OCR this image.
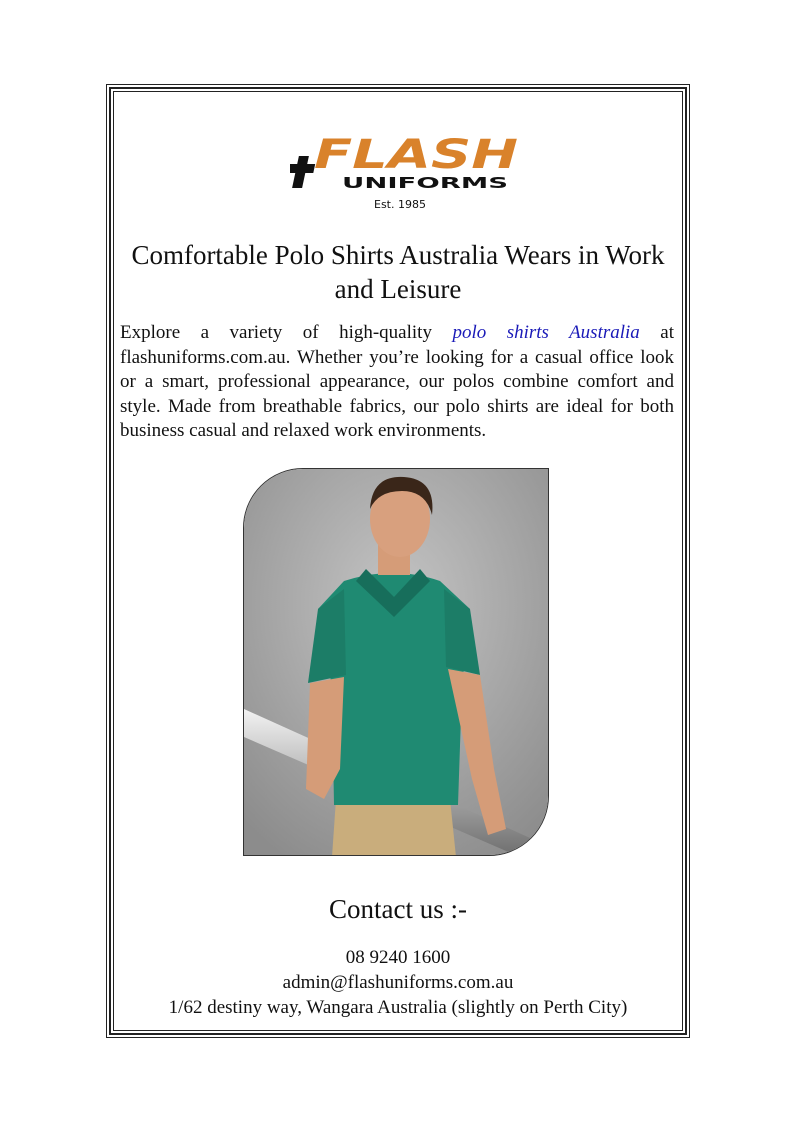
FLASH
UNIFORMS
Est. 1985
Comfortable Polo Shirts Australia Wears in Work and Leisure

Explore a variety of high-quality polo shirts Australia at flashuniforms.com.au. Whether you’re looking for a casual office look or a smart, professional appearance, our polos combine comfort and style. Made from breathable fabrics, our polo shirts are ideal for both business casual and relaxed work environments.

Contact us :-

08 9240 1600

admin@flashuniforms.com.au

1/62 destiny way, Wangara Australia (slightly on Perth City)
